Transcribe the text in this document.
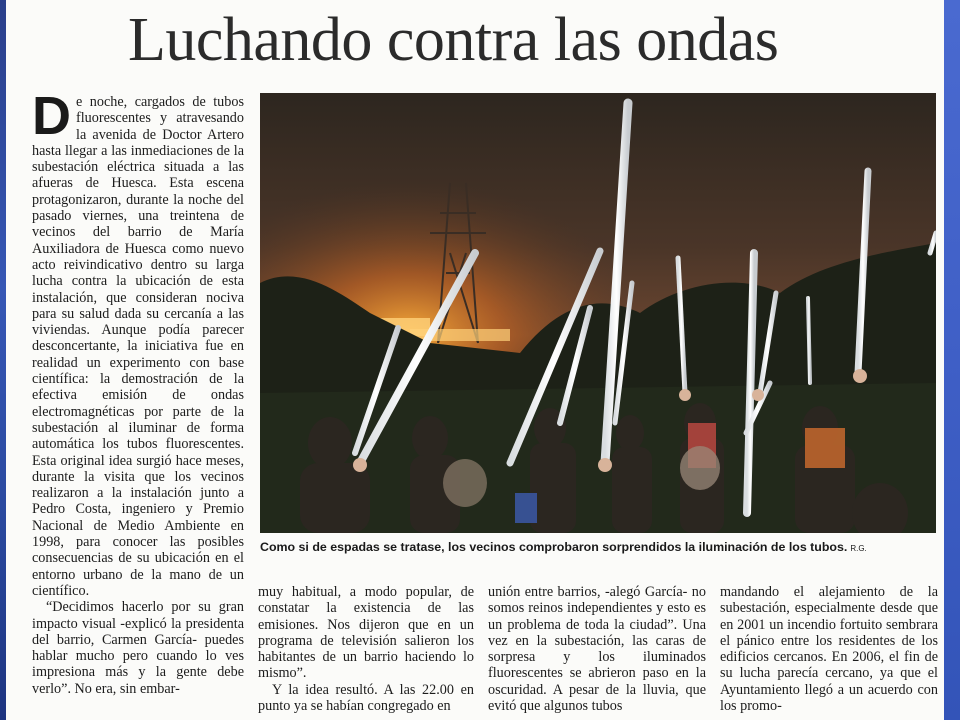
Luchando contra las ondas

De noche, cargados de tubos fluorescentes y atravesando la avenida de Doctor Artero hasta llegar a las inmediaciones de la subestación eléctrica situada a las afueras de Huesca. Esta escena protagonizaron, durante la noche del pasado viernes, una treintena de vecinos del barrio de María Auxiliadora de Huesca como nuevo acto reivindicativo dentro su larga lucha contra la ubicación de esta instalación, que consideran nociva para su salud dada su cercanía a las viviendas. Aunque podía parecer desconcertante, la iniciativa fue en realidad un experimento con base científica: la demostración de la efectiva emisión de ondas electromagnéticas por parte de la subestación al iluminar de forma automática los tubos fluorescentes. Esta original idea surgió hace meses, durante la visita que los vecinos realizaron a la instalación junto a Pedro Costa, ingeniero y Premio Nacional de Medio Ambiente en 1998, para conocer las posibles consecuencias de su ubicación en el entorno urbano de la mano de un científico.

“Decidimos hacerlo por su gran impacto visual -explicó la presidenta del barrio, Carmen García- puedes hablar mucho pero cuando lo ves impresiona más y la gente debe verlo”. No era, sin embar-

Como si de espadas se tratase, los vecinos comprobaron sorprendidos la iluminación de los tubos. R.G.

muy habitual, a modo popular, de constatar la existencia de las emisiones. Nos dijeron que en un programa de televisión salieron los habitantes de un barrio haciendo lo mismo”.

Y la idea resultó. A las 22.00 en punto ya se habían congregado en

unión entre barrios, -alegó García- no somos reinos independientes y esto es un problema de toda la ciudad”. Una vez en la subestación, las caras de sorpresa y los iluminados fluorescentes se abrieron paso en la oscuridad. A pesar de la lluvia, que evitó que algunos tubos

mandando el alejamiento de la subestación, especialmente desde que en 2001 un incendio fortuito sembrara el pánico entre los residentes de los edificios cercanos. En 2006, el fin de su lucha parecía cercano, ya que el Ayuntamiento llegó a un acuerdo con los promo-
